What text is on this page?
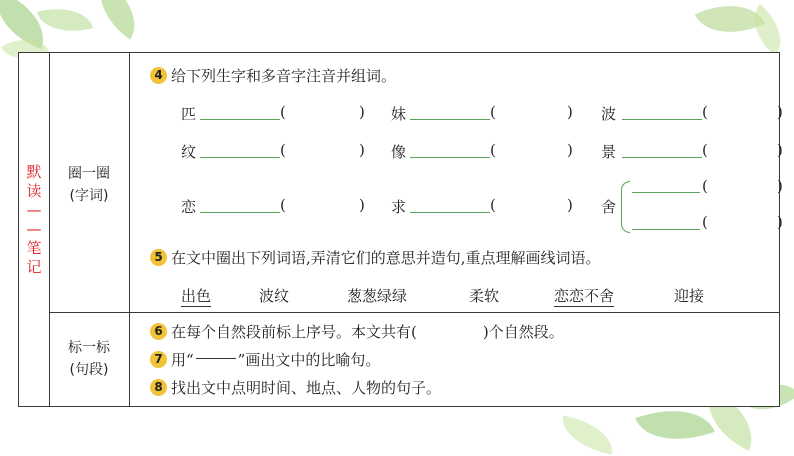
默
读
—
—
笔
记
圈一圈
(字词)
4 给下列生字和多音字注音并组词。
匹	(	) 妹	(	) 波	(	)
纹	(	) 像	(	) 景	(	)
恋	(	) 求	(	) 舍
(	)
(	)
5 在文中圈出下列词语,弄清它们的意思并造句,重点理解画线词语。
出色	波纹	葱葱绿绿	柔软	恋恋不舍	迎接
标一标
(句段)
6 在每个自然段前标上序号。本文共有(	)个自然段。
7 用“	”画出文中的比喻句。
8 找出文中点明时间、地点、人物的句子。
